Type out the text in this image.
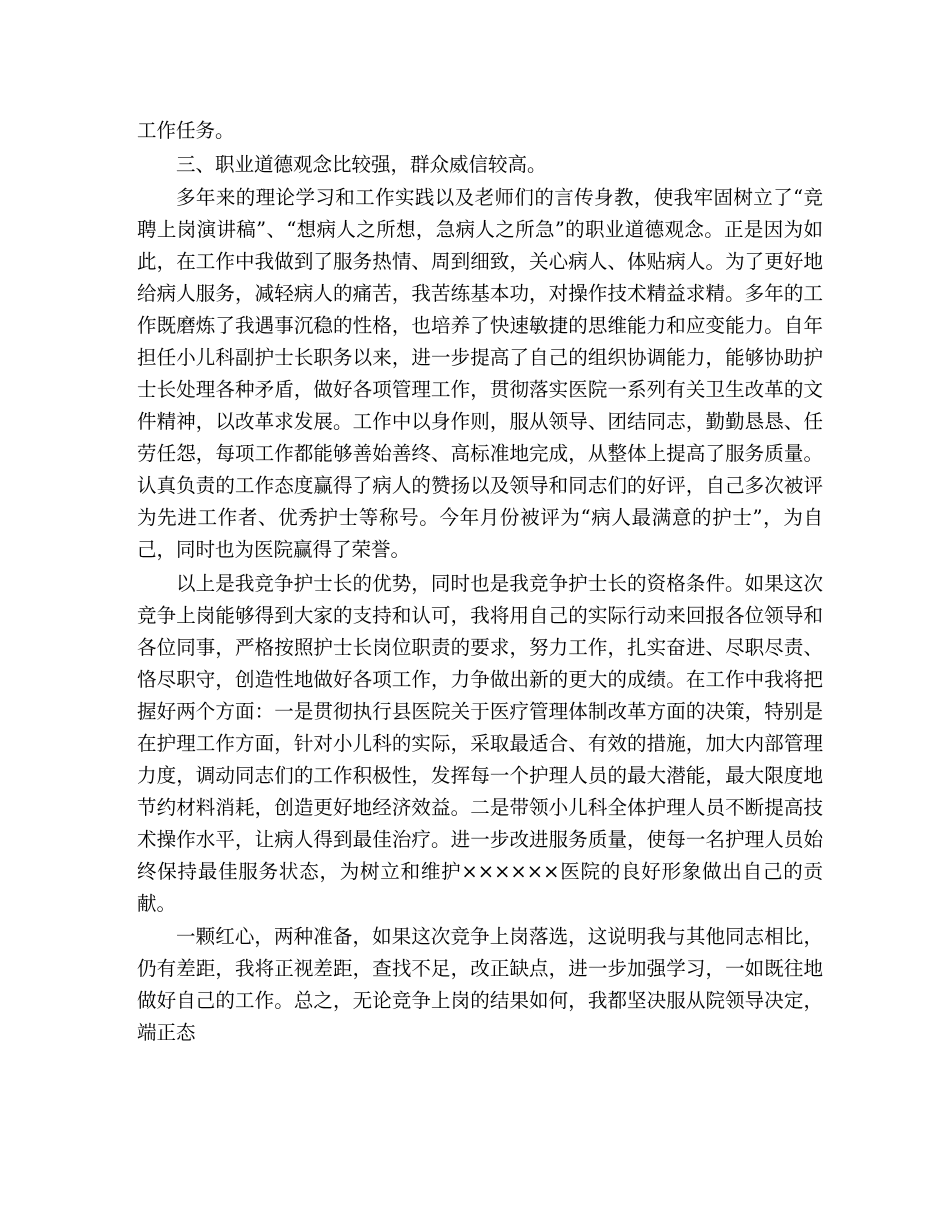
工作任务。

三、职业道德观念比较强，群众威信较高。

多年来的理论学习和工作实践以及老师们的言传身教，使我牢固树立了“竞聘上岗演讲稿”、“想病人之所想，急病人之所急”的职业道德观念。正是因为如此，在工作中我做到了服务热情、周到细致，关心病人、体贴病人。为了更好地给病人服务，减轻病人的痛苦，我苦练基本功，对操作技术精益求精。多年的工作既磨炼了我遇事沉稳的性格，也培养了快速敏捷的思维能力和应变能力。自年担任小儿科副护士长职务以来，进一步提高了自己的组织协调能力，能够协助护士长处理各种矛盾，做好各项管理工作，贯彻落实医院一系列有关卫生改革的文件精神，以改革求发展。工作中以身作则，服从领导、团结同志，勤勤恳恳、任劳任怨，每项工作都能够善始善终、高标准地完成，从整体上提高了服务质量。认真负责的工作态度赢得了病人的赞扬以及领导和同志们的好评，自己多次被评为先进工作者、优秀护士等称号。今年月份被评为“病人最满意的护士”，为自己，同时也为医院赢得了荣誉。

以上是我竞争护士长的优势，同时也是我竞争护士长的资格条件。如果这次竞争上岗能够得到大家的支持和认可，我将用自己的实际行动来回报各位领导和各位同事，严格按照护士长岗位职责的要求，努力工作，扎实奋进、尽职尽责、恪尽职守，创造性地做好各项工作，力争做出新的更大的成绩。在工作中我将把握好两个方面：一是贯彻执行县医院关于医疗管理体制改革方面的决策，特别是在护理工作方面，针对小儿科的实际，采取最适合、有效的措施，加大内部管理力度，调动同志们的工作积极性，发挥每一个护理人员的最大潜能，最大限度地节约材料消耗，创造更好地经济效益。二是带领小儿科全体护理人员不断提高技术操作水平，让病人得到最佳治疗。进一步改进服务质量，使每一名护理人员始终保持最佳服务状态，为树立和维护××××××医院的良好形象做出自己的贡献。

一颗红心，两种准备，如果这次竞争上岗落选，这说明我与其他同志相比，仍有差距，我将正视差距，查找不足，改正缺点，进一步加强学习，一如既往地做好自己的工作。总之，无论竞争上岗的结果如何，我都坚决服从院领导决定，端正态
